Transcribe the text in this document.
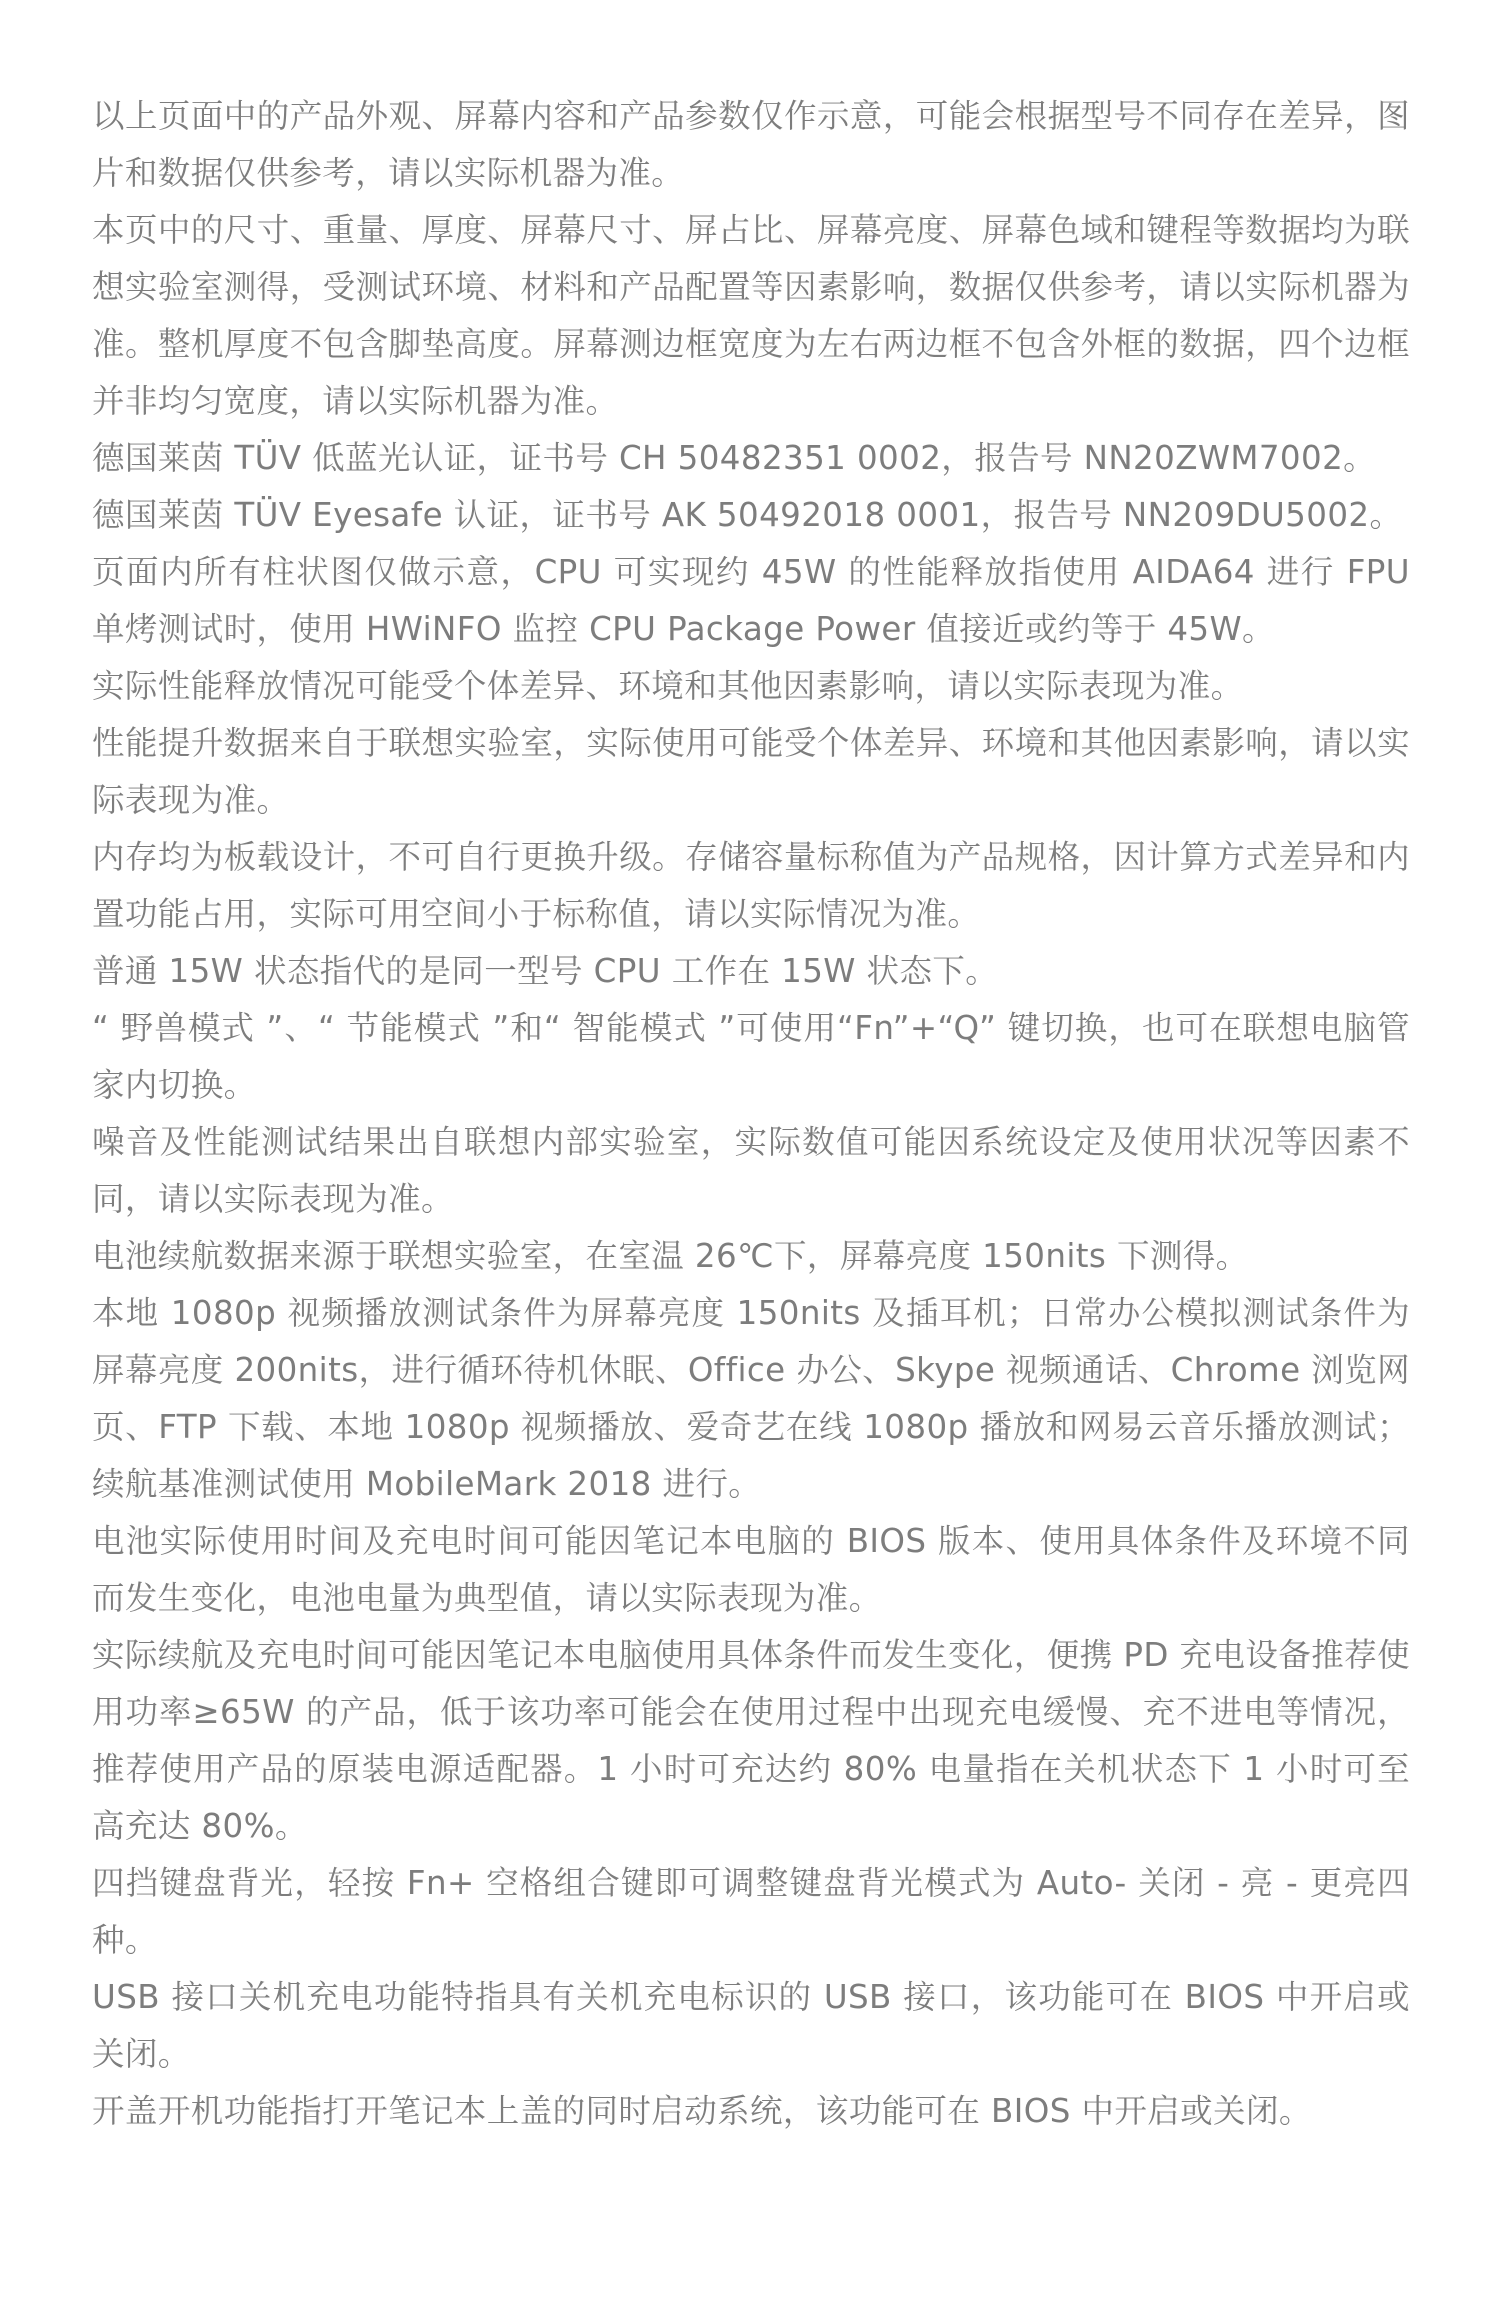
以上页面中的产品外观、屏幕内容和产品参数仅作示意，可能会根据型号不同存在差异，图片和数据仅供参考，请以实际机器为准。

本页中的尺寸、重量、厚度、屏幕尺寸、屏占比、屏幕亮度、屏幕色域和键程等数据均为联想实验室测得，受测试环境、材料和产品配置等因素影响，数据仅供参考，请以实际机器为准。整机厚度不包含脚垫高度。屏幕测边框宽度为左右两边框不包含外框的数据，四个边框并非均匀宽度，请以实际机器为准。

德国莱茵 TÜV 低蓝光认证，证书号 CH 50482351 0002，报告号 NN20ZWM7002。

德国莱茵 TÜV Eyesafe 认证，证书号 AK 50492018 0001，报告号 NN209DU5002。

页面内所有柱状图仅做示意，CPU 可实现约 45W 的性能释放指使用 AIDA64 进行 FPU 单烤测试时，使用 HWiNFO 监控 CPU Package Power 值接近或约等于 45W。

实际性能释放情况可能受个体差异、环境和其他因素影响，请以实际表现为准。

性能提升数据来自于联想实验室，实际使用可能受个体差异、环境和其他因素影响，请以实际表现为准。

内存均为板载设计，不可自行更换升级。存储容量标称值为产品规格，因计算方式差异和内置功能占用，实际可用空间小于标称值，请以实际情况为准。

普通 15W 状态指代的是同一型号 CPU 工作在 15W 状态下。

“ 野兽模式 ”、“ 节能模式 ”和“ 智能模式 ”可使用“Fn”+“Q” 键切换，也可在联想电脑管家内切换。

噪音及性能测试结果出自联想内部实验室，实际数值可能因系统设定及使用状况等因素不同，请以实际表现为准。

电池续航数据来源于联想实验室，在室温 26℃下，屏幕亮度 150nits 下测得。

本地 1080p 视频播放测试条件为屏幕亮度 150nits 及插耳机；日常办公模拟测试条件为屏幕亮度 200nits，进行循环待机休眠、Office 办公、Skype 视频通话、Chrome 浏览网页、FTP 下载、本地 1080p 视频播放、爱奇艺在线 1080p 播放和网易云音乐播放测试；续航基准测试使用 MobileMark 2018 进行。

电池实际使用时间及充电时间可能因笔记本电脑的 BIOS 版本、使用具体条件及环境不同而发生变化，电池电量为典型值，请以实际表现为准。

实际续航及充电时间可能因笔记本电脑使用具体条件而发生变化，便携 PD 充电设备推荐使用功率≥65W 的产品，低于该功率可能会在使用过程中出现充电缓慢、充不进电等情况，推荐使用产品的原装电源适配器。1 小时可充达约 80% 电量指在关机状态下 1 小时可至高充达 80%。

四挡键盘背光，轻按 Fn+ 空格组合键即可调整键盘背光模式为 Auto- 关闭 - 亮 - 更亮四种。

USB 接口关机充电功能特指具有关机充电标识的 USB 接口，该功能可在 BIOS 中开启或关闭。

开盖开机功能指打开笔记本上盖的同时启动系统，该功能可在 BIOS 中开启或关闭。
